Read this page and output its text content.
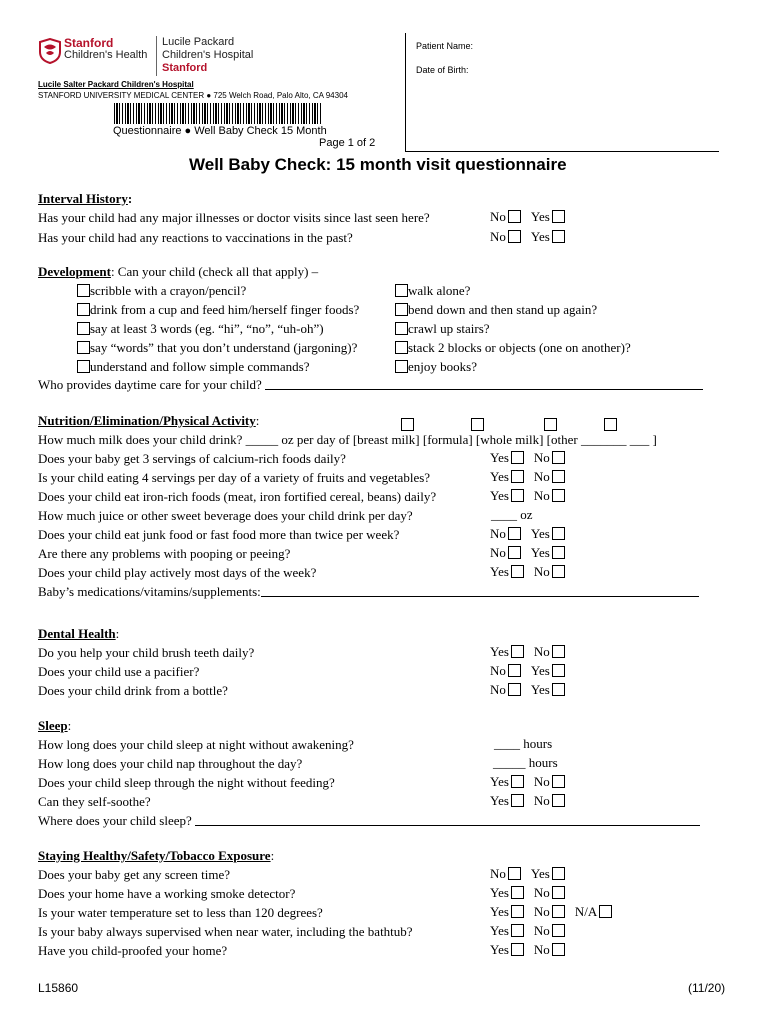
Stanford
Children's Health
Lucile Packard
Children's Hospital
Stanford
Lucile Salter Packard Children's Hospital
STANFORD UNIVERSITY MEDICAL CENTER ● 725 Welch Road, Palo Alto, CA 94304
Questionnaire ● Well Baby Check 15 Month
Page 1 of 2
Patient Name:
Date of Birth:
Well Baby Check: 15 month visit questionnaire
Interval History:
Has your child had any major illnesses or doctor visits since last seen here?
Has your child had any reactions to vaccinations in the past?
No Yes
No Yes
Development: Can your child (check all that apply) –
scribble with a crayon/pencil?
drink from a cup and feed him/herself finger foods?
say at least 3 words (eg. “hi”, “no”, “uh-oh”)
say “words” that you don’t understand (jargoning)?
understand and follow simple commands?
walk alone?
bend down and then stand up again?
crawl up stairs?
stack 2 blocks or objects (one on another)?
enjoy books?
Who provides daytime care for your child?
Nutrition/Elimination/Physical Activity:
How much milk does your child drink? _____ oz per day of [breast milk] [formula] [whole milk] [other _______ ___ ]
Does your baby get 3 servings of calcium-rich foods daily?
Is your child eating 4 servings per day of a variety of fruits and vegetables?
Does your child eat iron-rich foods (meat, iron fortified cereal, beans) daily?
How much juice or other sweet beverage does your child drink per day?
Does your child eat junk food or fast food more than twice per week?
Are there any problems with pooping or peeing?
Does your child play actively most days of the week?
Baby’s medications/vitamins/supplements:
Yes No
Yes No
Yes No
____ oz
No Yes
No Yes
Yes No
Dental Health:
Do you help your child brush teeth daily?
Does your child use a pacifier?
Does your child drink from a bottle?
Yes No
No Yes
No Yes
Sleep:
How long does your child sleep at night without awakening?
How long does your child nap throughout the day?
Does your child sleep through the night without feeding?
Can they self-soothe?
Where does your child sleep?
____ hours
_____ hours
Yes No
Yes No
Staying Healthy/Safety/Tobacco Exposure:
Does your baby get any screen time?
Does your home have a working smoke detector?
Is your water temperature set to less than 120 degrees?
Is your baby always supervised when near water, including the bathtub?
Have you child-proofed your home?
No Yes
Yes No
Yes No N/A
Yes No
Yes No
L15860	(11/20)
